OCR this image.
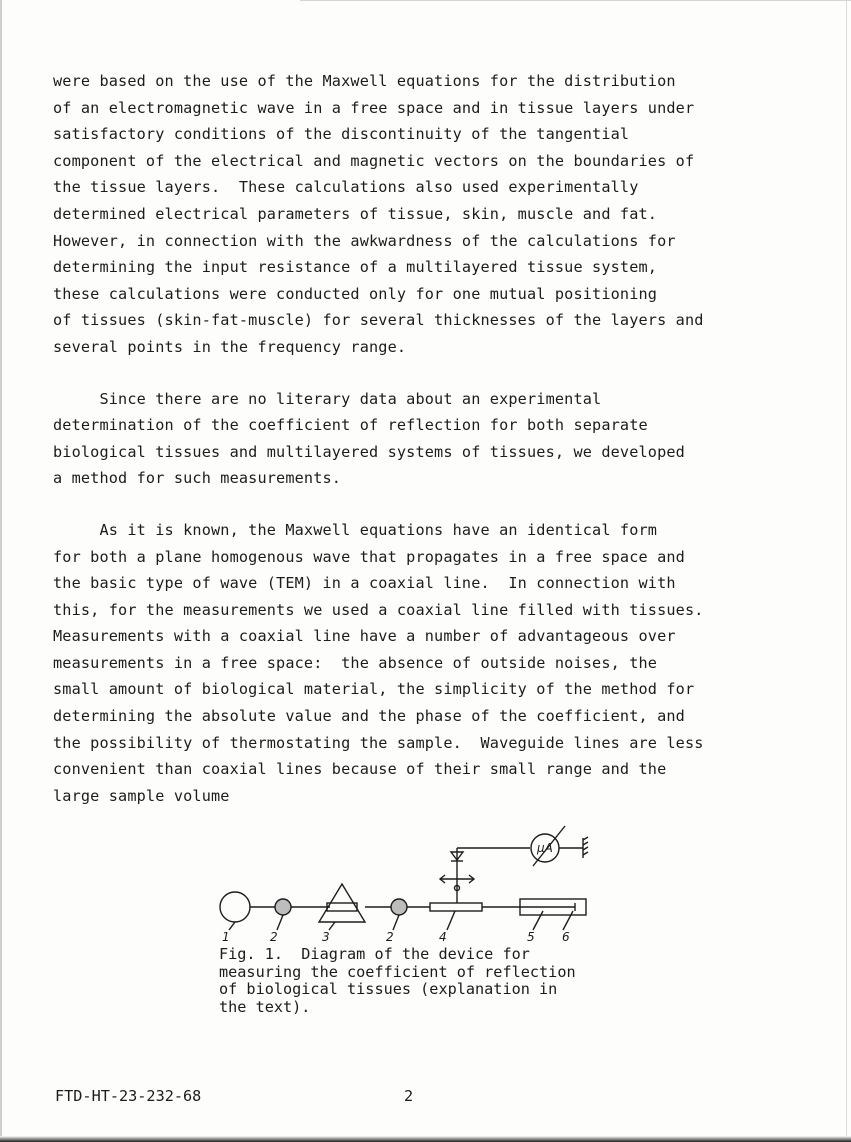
were based on the use of the Maxwell equations for the distribution
of an electromagnetic wave in a free space and in tissue layers under
satisfactory conditions of the discontinuity of the tangential
component of the electrical and magnetic vectors on the boundaries of
the tissue layers.  These calculations also used experimentally
determined electrical parameters of tissue, skin, muscle and fat.
However, in connection with the awkwardness of the calculations for
determining the input resistance of a multilayered tissue system,
these calculations were conducted only for one mutual positioning
of tissues (skin-fat-muscle) for several thicknesses of the layers and
several points in the frequency range.
Since there are no literary data about an experimental
determination of the coefficient of reflection for both separate
biological tissues and multilayered systems of tissues, we developed
a method for such measurements.
As it is known, the Maxwell equations have an identical form
for both a plane homogenous wave that propagates in a free space and
the basic type of wave (TEM) in a coaxial line.  In connection with
this, for the measurements we used a coaxial line filled with tissues.
Measurements with a coaxial line have a number of advantageous over
measurements in a free space:  the absence of outside noises, the
small amount of biological material, the simplicity of the method for
determining the absolute value and the phase of the coefficient, and
the possibility of thermostating the sample.  Waveguide lines are less
convenient than coaxial lines because of their small range and the
large sample volume
μA
1	2	3	2	4	5 6
Fig. 1.  Diagram of the device for
measuring the coefficient of reflection
of biological tissues (explanation in
the text).
FTD-HT-23-232-68	2
